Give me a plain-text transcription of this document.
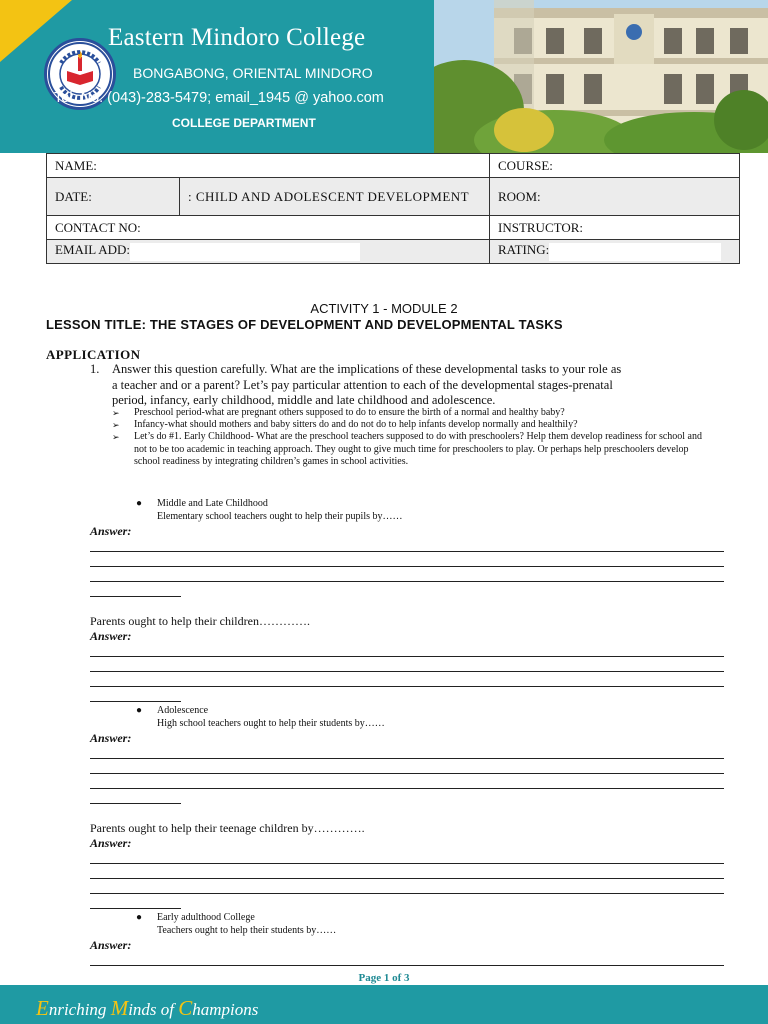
Eastern Mindoro College
BONGABONG, ORIENTAL MINDORO
Tel. No. (043)-283-5479; email_1945 @ yahoo.com
COLLEGE DEPARTMENT
NAME:		COURSE:
DATE:	: CHILD AND ADOLESCENT DEVELOPMENT	ROOM:
CONTACT NO:		INSTRUCTOR:
EMAIL ADD:		RATING:
ACTIVITY 1 - MODULE 2
LESSON TITLE: THE STAGES OF DEVELOPMENT AND DEVELOPMENTAL TASKS
APPLICATION
1. Answer this question carefully. What are the implications of these developmental tasks to your role as
a teacher and or a parent? Let’s pay particular attention to each of the developmental stages-prenatal
period, infancy, early childhood, middle and late childhood and adolescence.
➢ Preschool period-what are pregnant others supposed to do to ensure the birth of a normal and healthy baby?
➢ Infancy-what should mothers and baby sitters do and do not do to help infants develop normally and healthily?
➢ Let’s do #1. Early Childhood- What are the preschool teachers supposed to do with preschoolers? Help them develop readiness for school and not to be too academic in teaching approach. They ought to give much time for preschoolers to play. Or perhaps help preschoolers develop school readiness by integrating children’s games in school activities.
●	Middle and Late Childhood
Elementary school teachers ought to help their pupils by……
Answer:
Parents ought to help their children………….
Answer:
●	Adolescence
High school teachers ought to help their students by……
Answer:
Parents ought to help their teenage children by………….
Answer:
●	Early adulthood College
Teachers ought to help their students by……
Answer:
Page 1 of 3
Enriching Minds of Champions
